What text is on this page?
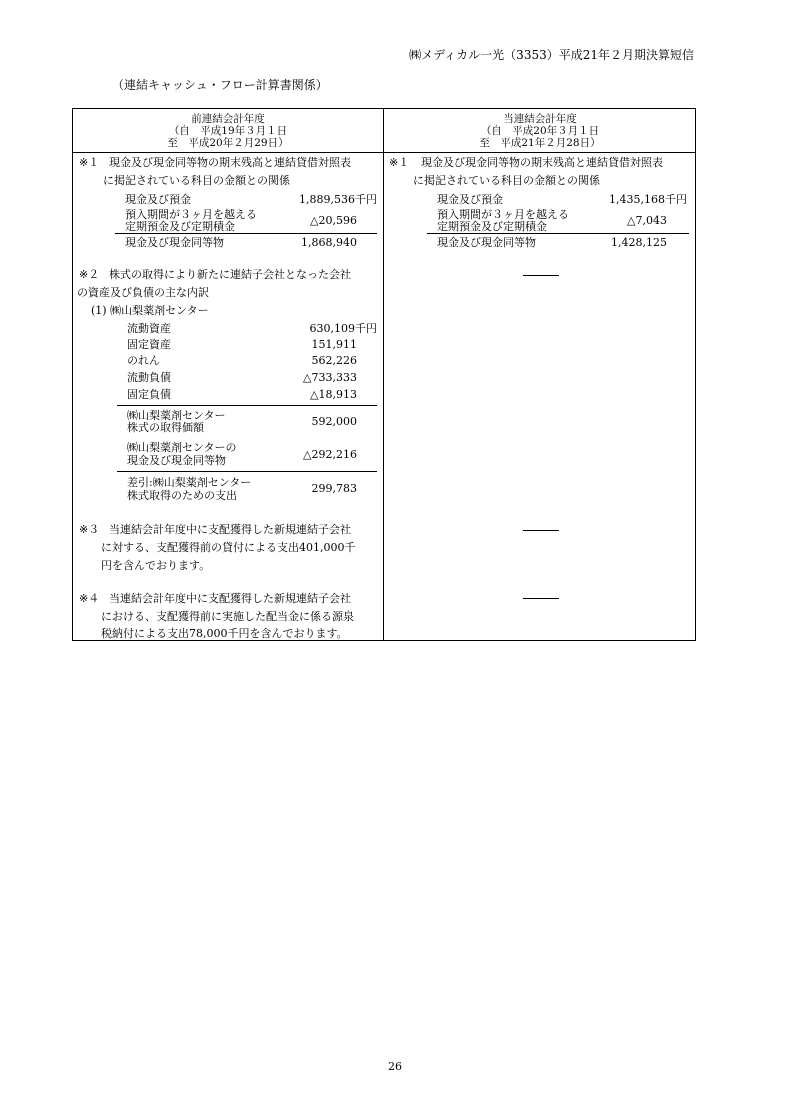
㈱メディカル一光（3353）平成21年２月期決算短信
（連結キャッシュ・フロー計算書関係）
前連結会計年度
（自　平成19年３月１日
至　平成20年２月29日）
当連結会計年度
（自　平成20年３月１日
至　平成21年２月28日）
※１ 現金及び現金同等物の期末残高と連結貸借対照表
に掲記されている科目の金額との関係
現金及び預金	1,889,536千円
預入期間が３ヶ月を越える
定期預金及び定期積金	△20,596
現金及び現金同等物	1,868,940
※２ 株式の取得により新たに連結子会社となった会社
の資産及び負債の主な内訳
(1) ㈱山梨薬剤センター
流動資産	630,109千円
固定資産	151,911
のれん	562,226
流動負債	△733,333
固定負債	△18,913
㈱山梨薬剤センター
株式の取得価額	592,000
㈱山梨薬剤センターの
現金及び現金同等物	△292,216
差引:㈱山梨薬剤センター
株式取得のための支出
299,783
※３ 当連結会計年度中に支配獲得した新規連結子会社
に対する、支配獲得前の貸付による支出401,000千
円を含んでおります。
※４ 当連結会計年度中に支配獲得した新規連結子会社
における、支配獲得前に実施した配当金に係る源泉
税納付による支出78,000千円を含んでおります。
※１ 現金及び現金同等物の期末残高と連結貸借対照表
に掲記されている科目の金額との関係
現金及び預金	1,435,168千円
預入期間が３ヶ月を越える
定期預金及び定期積金	△7,043
現金及び現金同等物	1,428,125
26
